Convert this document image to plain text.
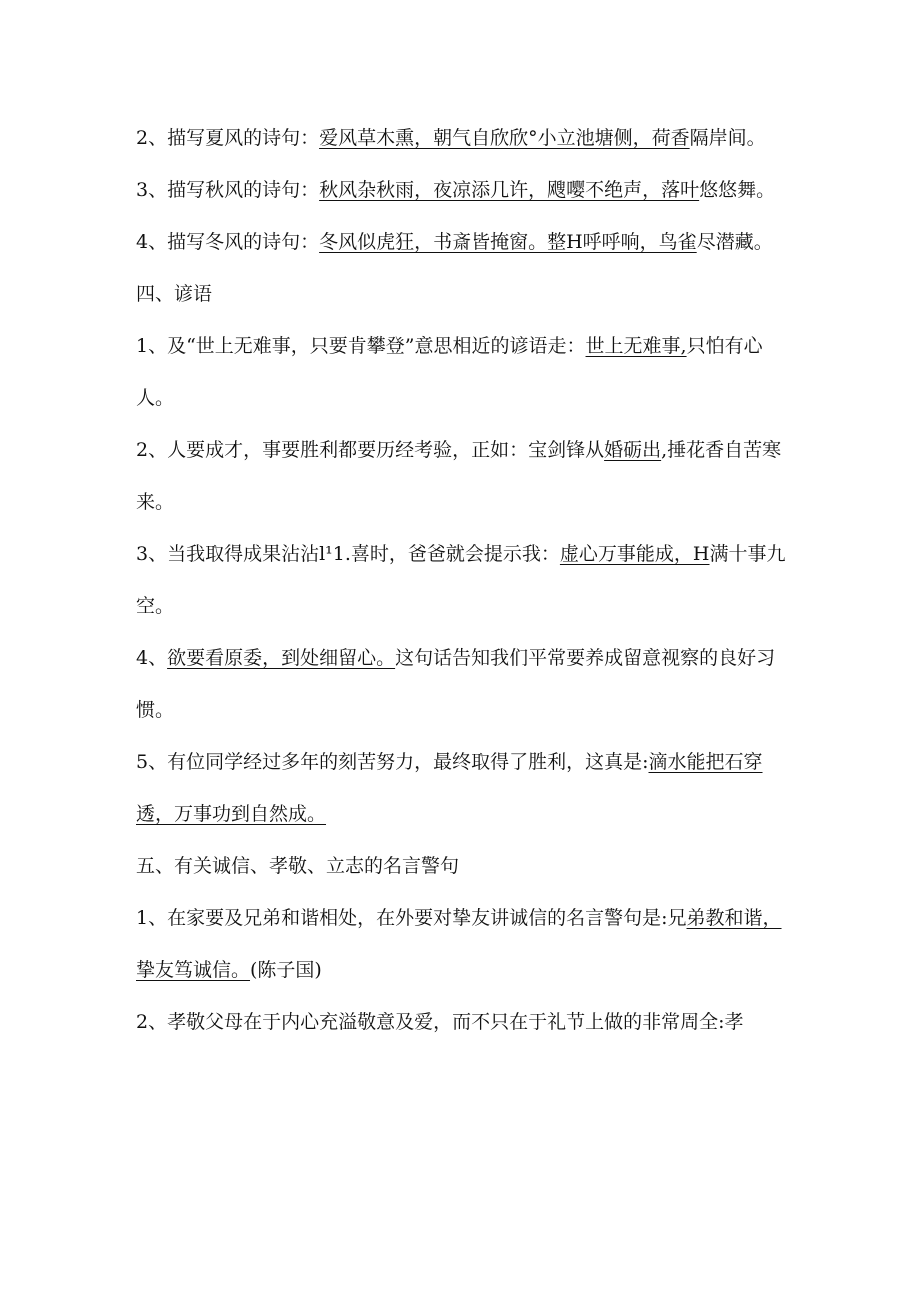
2、描写夏风的诗句：爱风草木熏，朝气自欣欣°小立池塘侧，荷香隔岸间。

3、描写秋风的诗句：秋风杂秋雨，夜凉添几许，飕嘤不绝声，落叶悠悠舞。

4、描写冬风的诗句：冬风似虎狂，书斎皆掩窗。整H呼呼响，鸟雀尽潜藏。

四、谚语

1、及“世上无难事，只要肯攀登”意思相近的谚语走：世上无难事,只怕有心人。

2、人要成才，事要胜利都要历经考验，正如：宝剑锋从婚砺出,捶花香自苦寒来。

3、当我取得成果沾沾l¹1.喜时，爸爸就会提示我：虚心万事能成，H满十事九空。

4、欲要看原委，到处细留心。这句话告知我们平常要养成留意视察的良好习惯。

5、有位同学经过多年的刻苦努力，最终取得了胜利，这真是:滴水能把石穿透，万事功到自然成。

五、有关诚信、孝敬、立志的名言警句

1、在家要及兄弟和谐相处，在外要对挚友讲诚信的名言警句是:兄弟教和谐，挚友笃诚信。(陈子国)

2、孝敬父母在于内心充溢敬意及爱，而不只在于礼节上做的非常周全:孝
